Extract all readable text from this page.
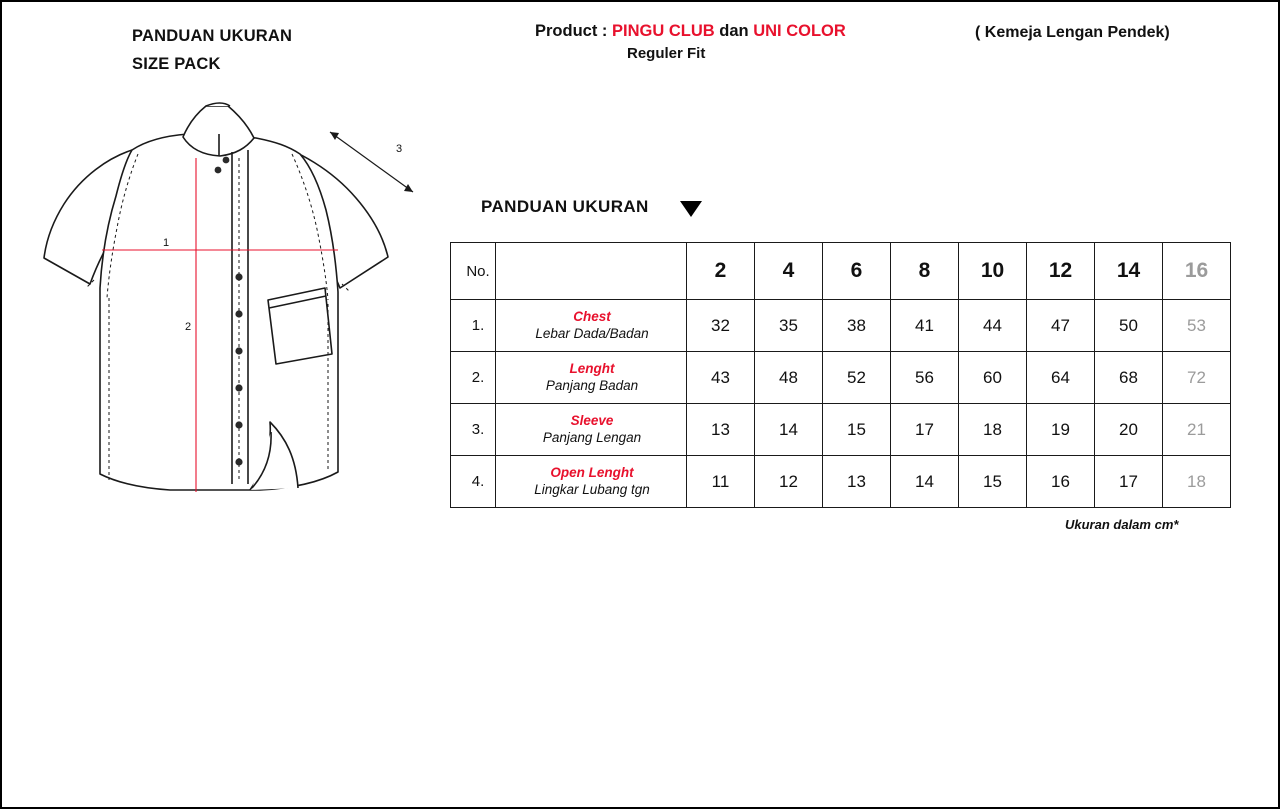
PANDUAN UKURAN
SIZE PACK
Product : PINGU CLUB dan UNI COLOR
Reguler Fit
( Kemeja Lengan Pendek)
3
1
2
PANDUAN UKURAN
No.		2	4	6	8	10	12	14	16
1.	Chest
Lebar Dada/Badan	32	35	38	41	44	47	50	53
2.	Lenght
Panjang Badan	43	48	52	56	60	64	68	72
3.	Sleeve
Panjang Lengan	13	14	15	17	18	19	20	21
4.	Open Lenght
Lingkar Lubang tgn	11	12	13	14	15	16	17	18
Ukuran dalam cm*
